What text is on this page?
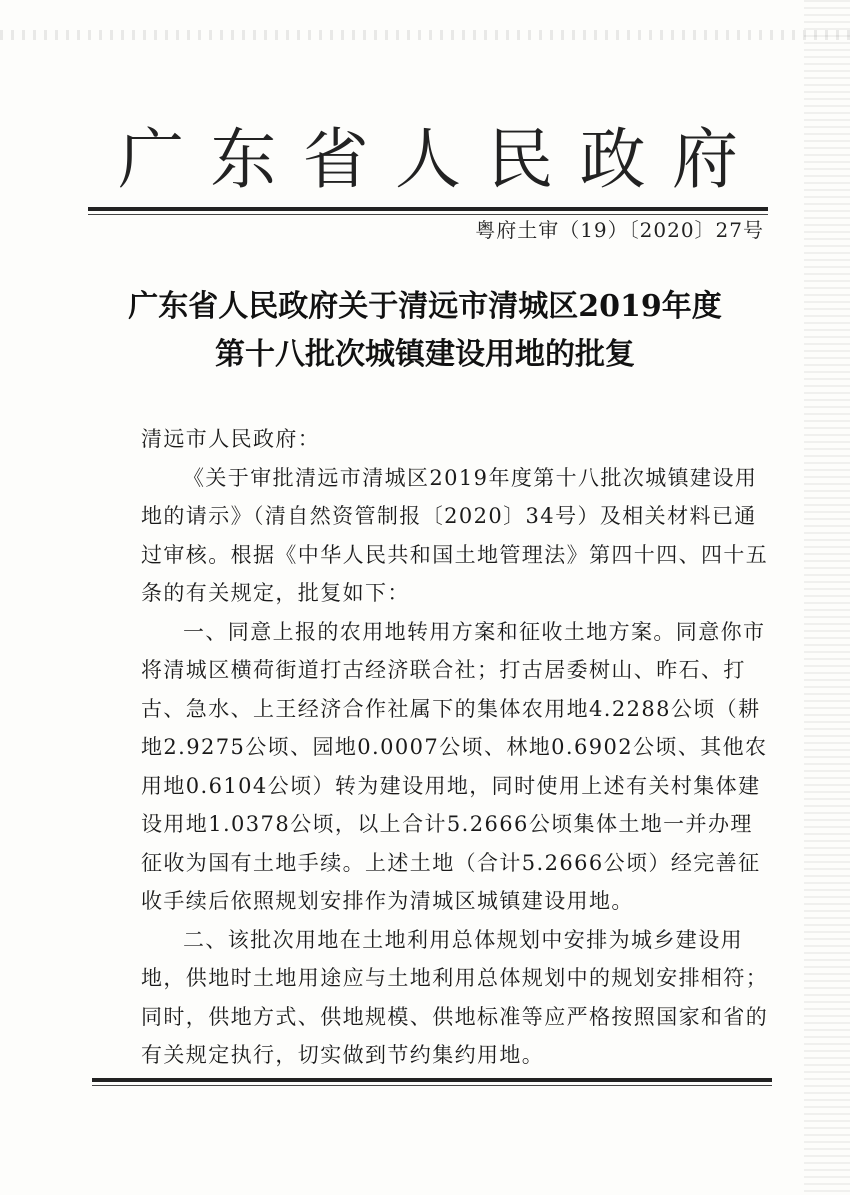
广 东 省 人 民 政 府
粤府土审（19）〔2020〕27号
广东省人民政府关于清远市清城区2019年度
第十八批次城镇建设用地的批复

清远市人民政府：

《关于审批清远市清城区2019年度第十八批次城镇建设用地的请示》（清自然资管制报〔2020〕34号）及相关材料已通过审核。根据《中华人民共和国土地管理法》第四十四、四十五条的有关规定，批复如下：

一、同意上报的农用地转用方案和征收土地方案。同意你市将清城区横荷街道打古经济联合社；打古居委树山、昨石、打古、急水、上王经济合作社属下的集体农用地4.2288公顷（耕地2.9275公顷、园地0.0007公顷、林地0.6902公顷、其他农用地0.6104公顷）转为建设用地，同时使用上述有关村集体建设用地1.0378公顷，以上合计5.2666公顷集体土地一并办理征收为国有土地手续。上述土地（合计5.2666公顷）经完善征收手续后依照规划安排作为清城区城镇建设用地。

二、该批次用地在土地利用总体规划中安排为城乡建设用地，供地时土地用途应与土地利用总体规划中的规划安排相符；同时，供地方式、供地规模、供地标准等应严格按照国家和省的有关规定执行，切实做到节约集约用地。
